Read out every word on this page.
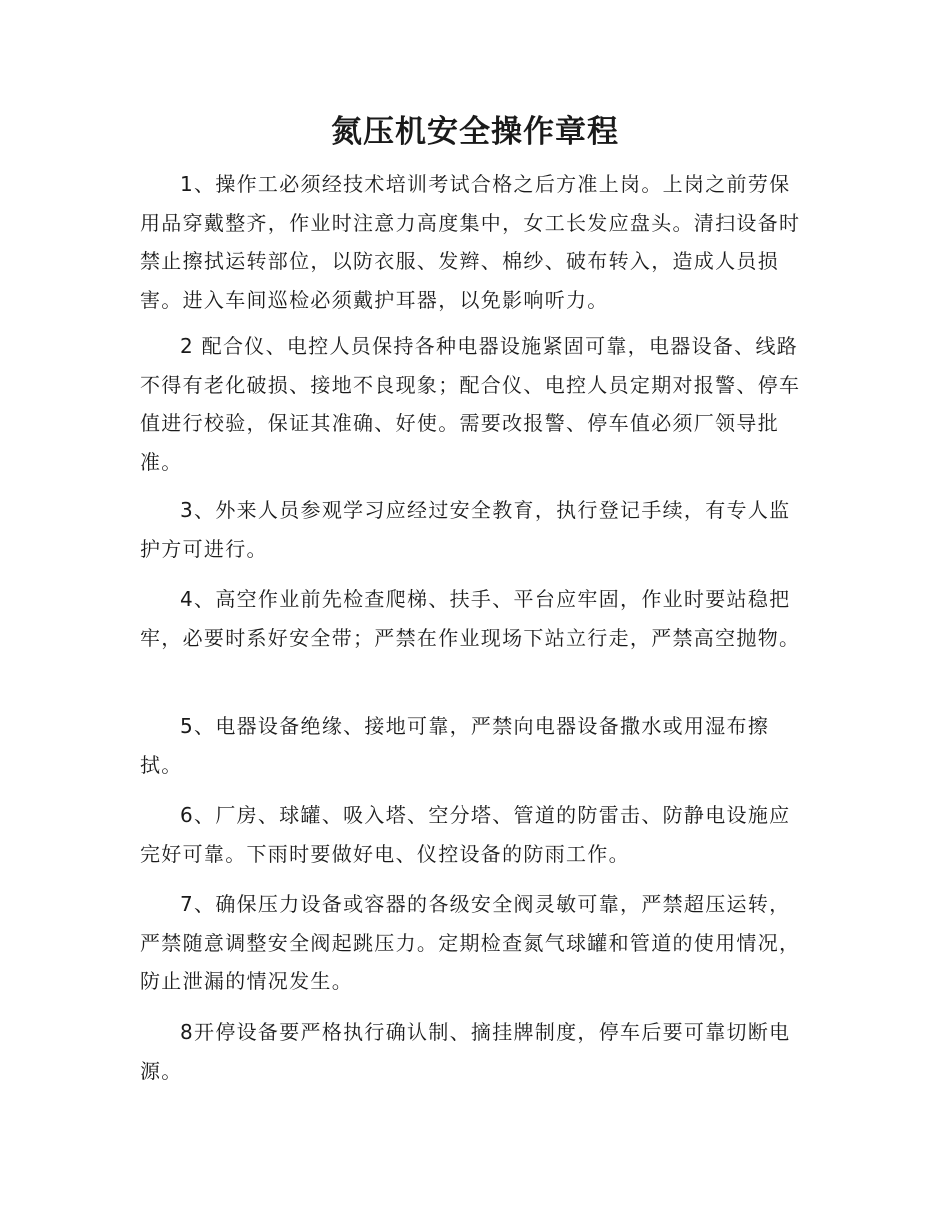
氮压机安全操作章程

1、操作工必须经技术培训考试合格之后方准上岗。上岗之前劳保用品穿戴整齐，作业时注意力高度集中，女工长发应盘头。清扫设备时禁止擦拭运转部位，以防衣服、发辫、棉纱、破布转入，造成人员损害。进入车间巡检必须戴护耳器，以免影响听力。

2 配合仪、电控人员保持各种电器设施紧固可靠，电器设备、线路不得有老化破损、接地不良现象；配合仪、电控人员定期对报警、停车值进行校验，保证其准确、好使。需要改报警、停车值必须厂领导批准。

3、外来人员参观学习应经过安全教育，执行登记手续，有专人监护方可进行。

4、高空作业前先检查爬梯、扶手、平台应牢固，作业时要站稳把牢，必要时系好安全带；严禁在作业现场下站立行走，严禁高空抛物。

5、电器设备绝缘、接地可靠，严禁向电器设备撒水或用湿布擦拭。

6、厂房、球罐、吸入塔、空分塔、管道的防雷击、防静电设施应完好可靠。下雨时要做好电、仪控设备的防雨工作。

7、确保压力设备或容器的各级安全阀灵敏可靠，严禁超压运转，严禁随意调整安全阀起跳压力。定期检查氮气球罐和管道的使用情况，防止泄漏的情况发生。

8开停设备要严格执行确认制、摘挂牌制度，停车后要可靠切断电源。
